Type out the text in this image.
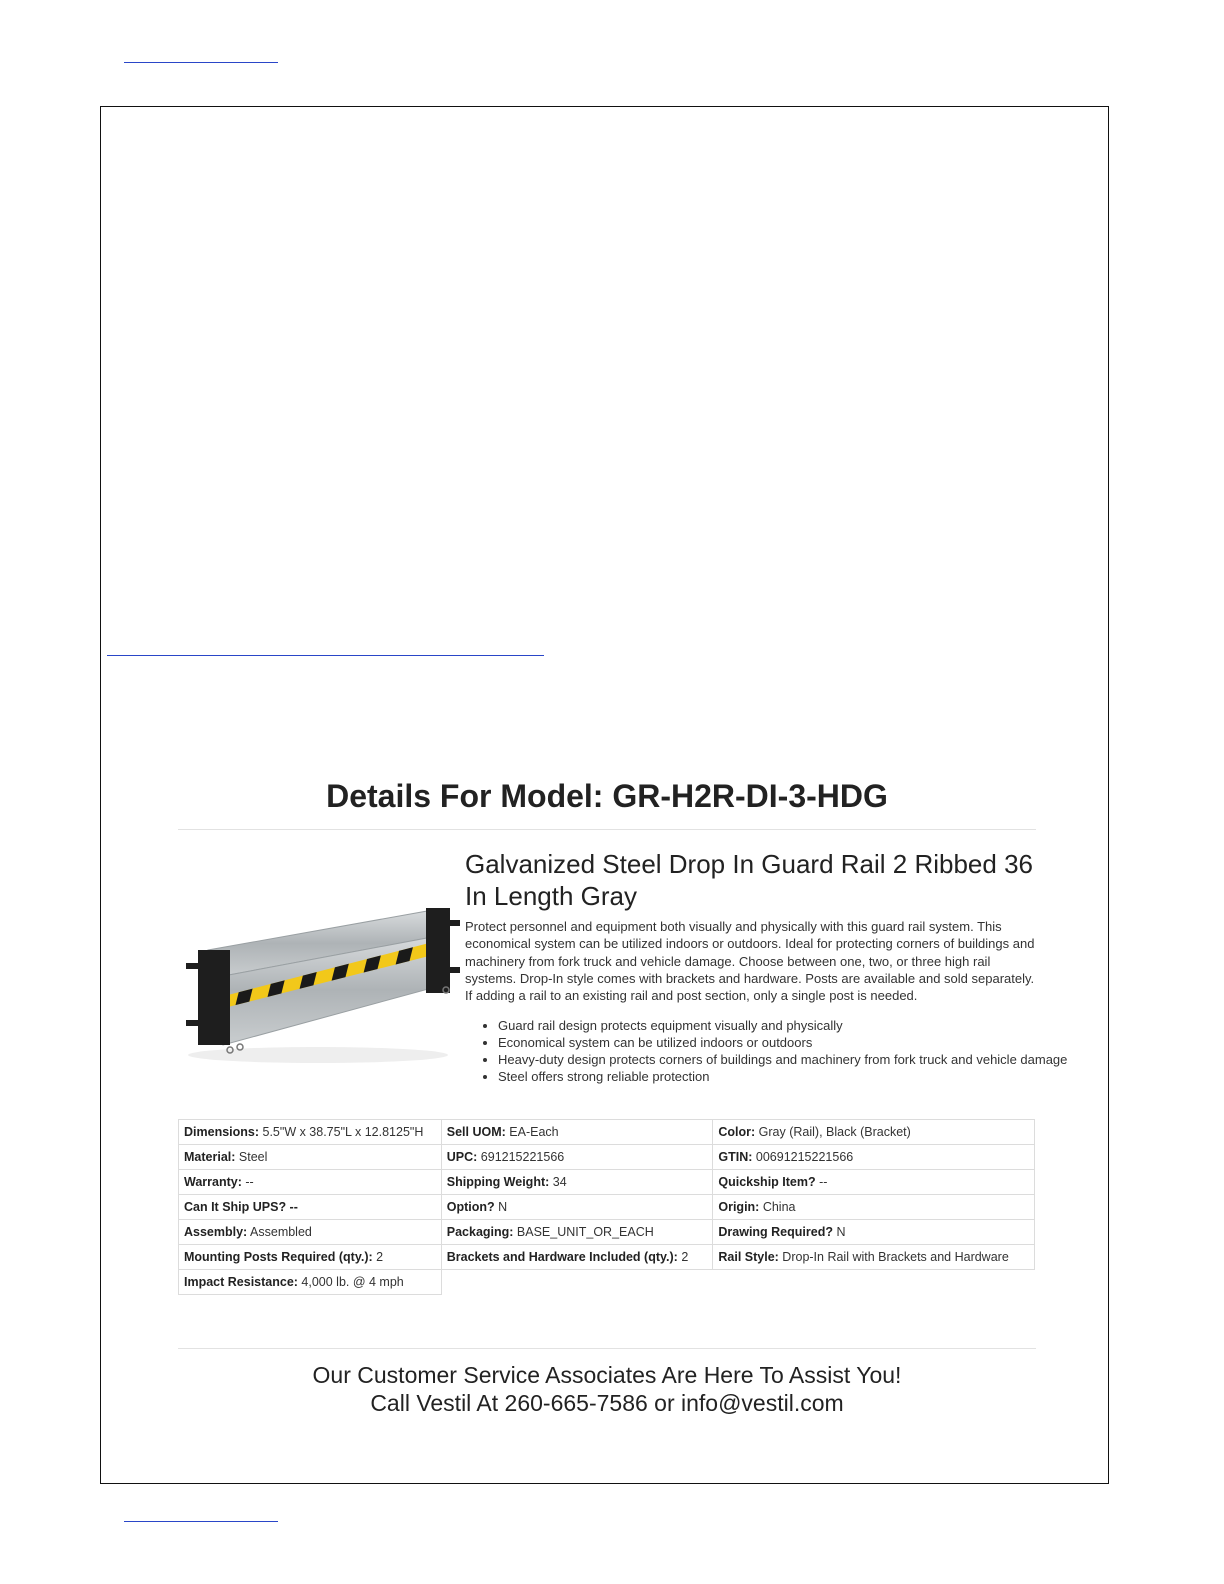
Details For Model: GR-H2R-DI-3-HDG
Galvanized Steel Drop In Guard Rail 2 Ribbed 36 In Length Gray

Protect personnel and equipment both visually and physically with this guard rail system. This economical system can be utilized indoors or outdoors. Ideal for protecting corners of buildings and machinery from fork truck and vehicle damage. Choose between one, two, or three high rail systems. Drop-In style comes with brackets and hardware. Posts are available and sold separately. If adding a rail to an existing rail and post section, only a single post is needed.

• Guard rail design protects equipment visually and physically
• Economical system can be utilized indoors or outdoors
• Heavy-duty design protects corners of buildings and machinery from fork truck and vehicle damage
• Steel offers strong reliable protection
Dimensions: 5.5"W x 38.75"L x 12.8125"H	Sell UOM: EA-Each	Color: Gray (Rail), Black (Bracket)
Material: Steel	UPC: 691215221566	GTIN: 00691215221566
Warranty: --	Shipping Weight: 34	Quickship Item? --
Can It Ship UPS? --	Option? N	Origin: China
Assembly: Assembled	Packaging: BASE_UNIT_OR_EACH	Drawing Required? N
Mounting Posts Required (qty.): 2	Brackets and Hardware Included (qty.): 2	Rail Style: Drop-In Rail with Brackets and Hardware
Impact Resistance: 4,000 lb. @ 4 mph		

Our Customer Service Associates Are Here To Assist You!

Call Vestil At 260-665-7586 or info@vestil.com
